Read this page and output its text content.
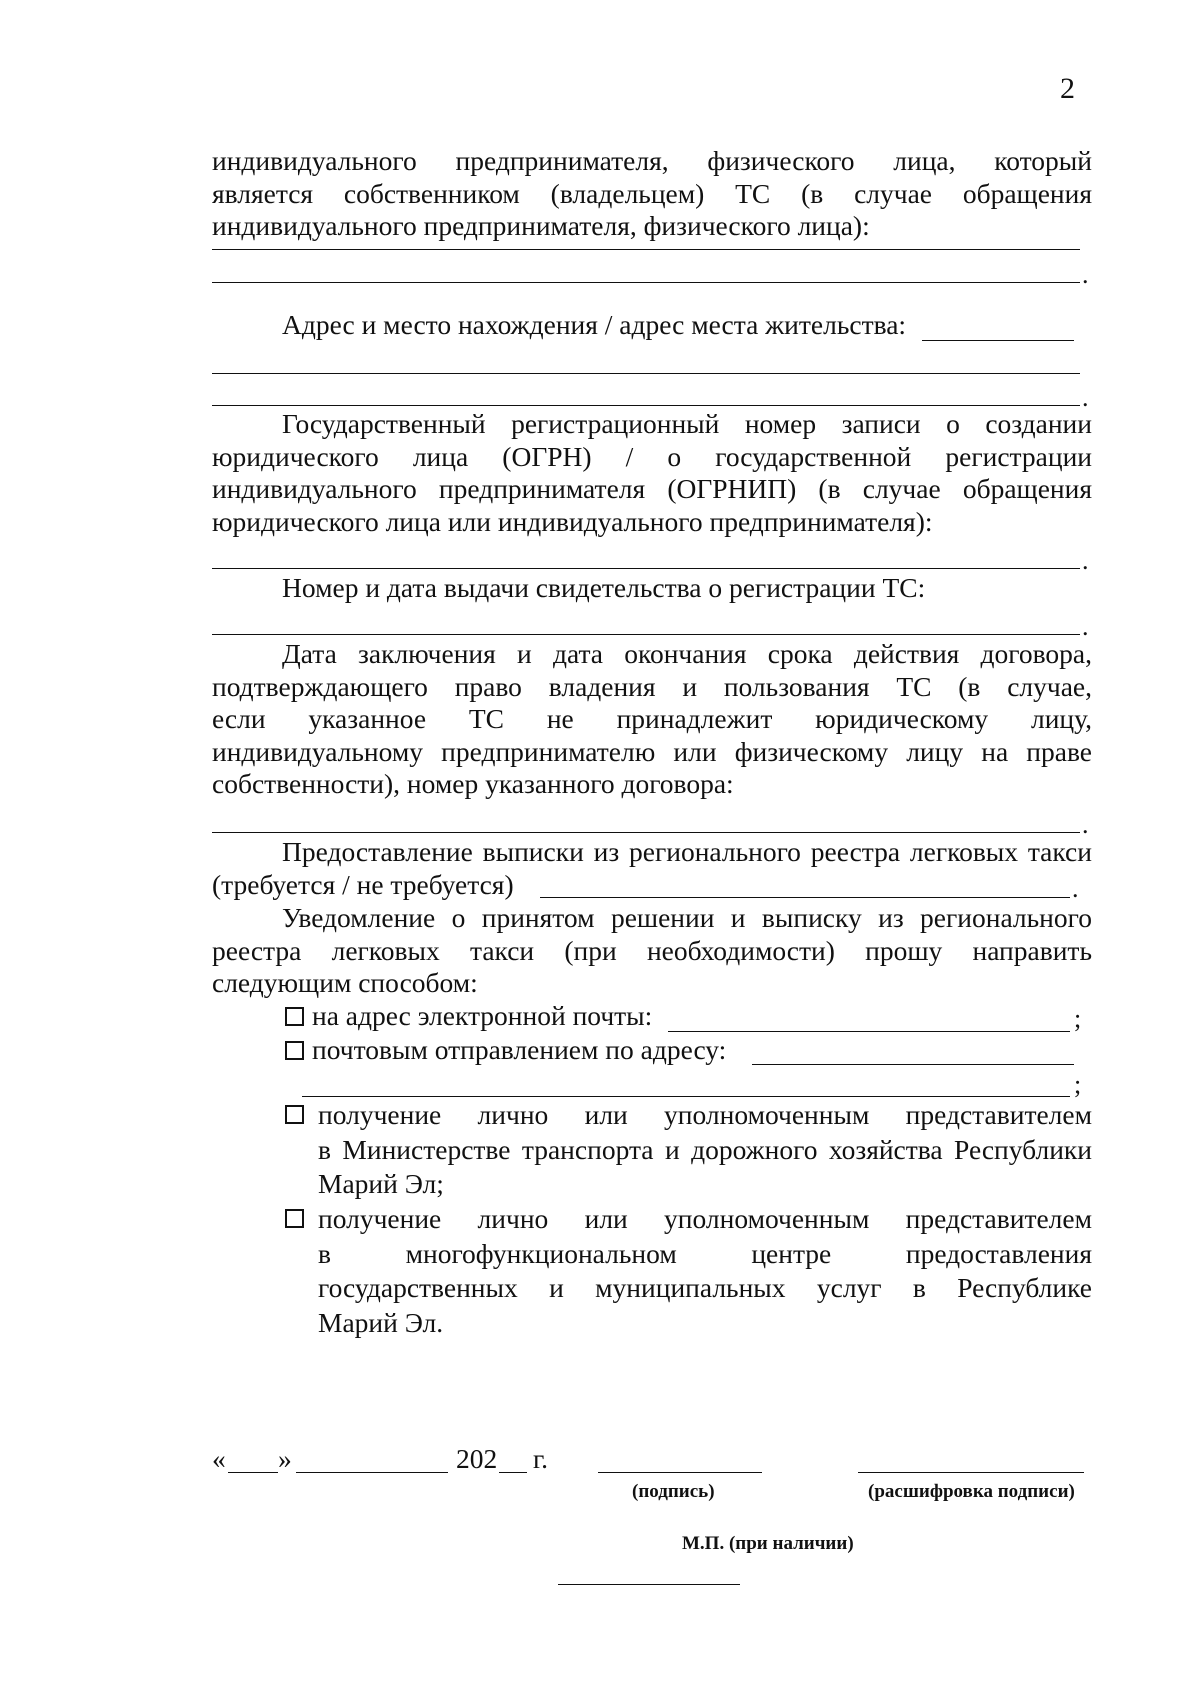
2
индивидуального предпринимателя, физического лица, который
является собственником (владельцем) ТС (в случае обращения
индивидуального предпринимателя, физического лица):
.
Адрес и место нахождения / адрес места жительства:
.
Государственный регистрационный номер записи о создании
юридического лица (ОГРН) / о государственной регистрации
индивидуального предпринимателя (ОГРНИП) (в случае обращения
юридического лица или индивидуального предпринимателя):
.
Номер и дата выдачи свидетельства о регистрации ТС:
.
Дата заключения и дата окончания срока действия договора,
подтверждающего право владения и пользования ТС (в случае,
если указанное ТС не принадлежит юридическому лицу,
индивидуальному предпринимателю или физическому лицу на праве
собственности), номер указанного договора:
.
Предоставление выписки из регионального реестра легковых такси
(требуется / не требуется)	.
Уведомление о принятом решении и выписку из регионального
реестра легковых такси (при необходимости) прошу направить
следующим способом:
на адрес электронной почты:	;
почтовым отправлением по адресу:
;
получение лично или уполномоченным представителем
в Министерстве транспорта и дорожного хозяйства Республики
Марий Эл;
получение лично или уполномоченным представителем
в многофункциональном центре предоставления
государственных и муниципальных услуг в Республике
Марий Эл.
« »	202 г.
(подпись)	(расшифровка подписи)
М.П. (при наличии)
